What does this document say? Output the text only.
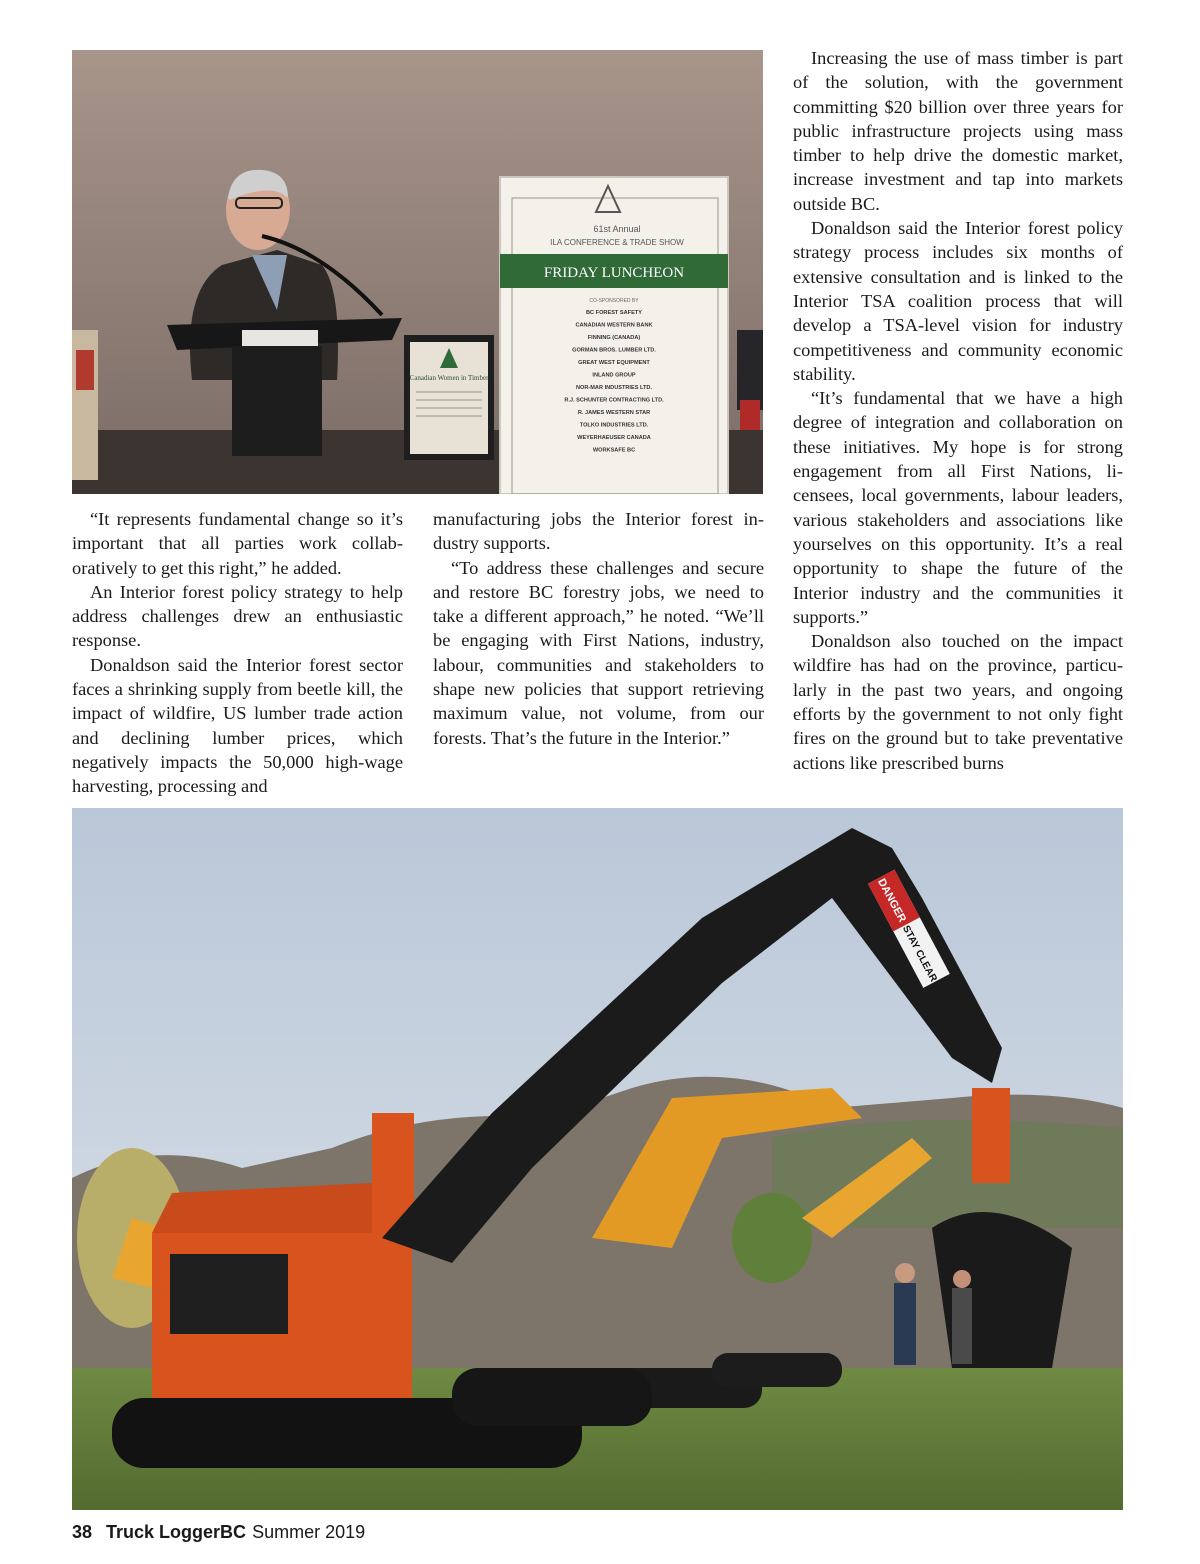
Canadian Women in Timber
61st Annual
ILA CONFERENCE & TRADE SHOW
FRIDAY LUNCHEON
CO-SPONSORED BY
BC FOREST SAFETY
CANADIAN WESTERN BANK
FINNING (CANADA)
GORMAN BROS. LUMBER LTD.
GREAT WEST EQUIPMENT
INLAND GROUP
NOR-MAR INDUSTRIES LTD.
R.J. SCHUNTER CONTRACTING LTD.
R. JAMES WESTERN STAR
TOLKO INDUSTRIES LTD.
WEYERHAEUSER CANADA
WORKSAFE BC

“It represents fundamental change so it’s important that all parties work collaboratively to get this right,” he added.

An Interior forest policy strategy to help address challenges drew an enthusiastic response.

Donaldson said the Interior forest sector faces a shrinking supply from beetle kill, the impact of wildfire, US lumber trade action and declining lumber prices, which negatively impacts the 50,000 high-wage harvesting, processing and

manufacturing jobs the Interior forest industry supports.

“To address these challenges and secure and restore BC forestry jobs, we need to take a different approach,” he noted. “We’ll be engaging with First Nations, industry, labour, communities and stakeholders to shape new policies that support retrieving maximum value, not volume, from our forests. That’s the future in the Interior.”

Increasing the use of mass timber is part of the solution, with the government committing $20 billion over three years for public infrastructure projects using mass timber to help drive the domestic market, increase investment and tap into markets outside BC.

Donaldson said the Interior forest policy strategy process includes six months of extensive consultation and is linked to the Interior TSA coalition process that will develop a TSA-level vision for industry competitiveness and community economic stability.

“It’s fundamental that we have a high degree of integration and collaboration on these initiatives. My hope is for strong engagement from all First Nations, licensees, local governments, labour leaders, various stakeholders and associations like yourselves on this opportunity. It’s a real opportunity to shape the future of the Interior industry and the communities it supports.”

Donaldson also touched on the impact wildfire has had on the province, particularly in the past two years, and ongoing efforts by the government to not only fight fires on the ground but to take preventative actions like prescribed burns

DANGER
STAY CLEAR
38 Truck LoggerBC Summer 2019
